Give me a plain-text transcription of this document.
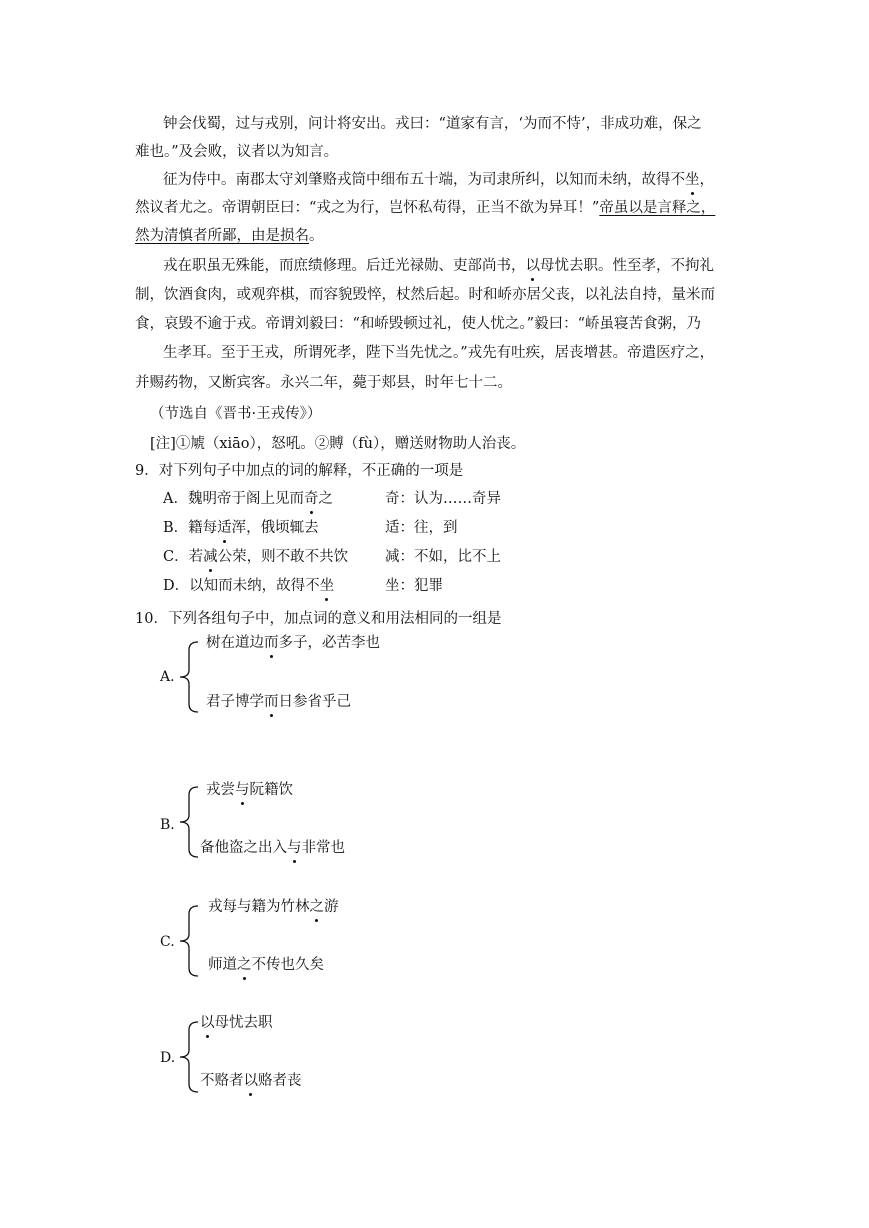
钟会伐蜀，过与戎别，问计将安出。戎曰：“道家有言，‘为而不恃’，非成功难，保之
难也。”及会败，议者以为知言。
征为侍中。南郡太守刘肇赂戎筒中细布五十端，为司隶所纠，以知而未纳，故得不坐，
然议者尤之。帝谓朝臣曰：“戎之为行，岂怀私苟得，正当不欲为异耳！”帝虽以是言释之，
然为清慎者所鄙，由是损名。
戎在职虽无殊能，而庶绩修理。后迁光禄勋、吏部尚书，以母忧去职。性至孝，不拘礼
制，饮酒食肉，或观弈棋，而容貌毁悴，杖然后起。时和峤亦居父丧，以礼法自持，量米而
食，哀毁不逾于戎。帝谓刘毅曰：“和峤毁顿过礼，使人忧之。”毅曰：“峤虽寝苦食粥，乃
生孝耳。至于王戎，所谓死孝，陛下当先忧之。”戎先有吐疾，居丧增甚。帝遣医疗之，
并赐药物，又断宾客。永兴二年，薨于郏县，时年七十二。
（节选自《晋书·王戎传》）
[注]①虓（xiāo），怒吼。②賻（fù），赠送财物助人治丧。
9．对下列句子中加点的词的解释，不正确的一项是
A．魏明帝于阁上见而奇之	奇：认为……奇异
B．籍每适浑，俄顷辄去	适：往，到
C．若减公荣，则不敢不共饮	减：不如，比不上
D．以知而未纳，故得不坐	坐：犯罪
10．下列各组句子中，加点词的意义和用法相同的一组是
A.
树在道边而多子，必苦李也
君子博学而日参省乎己
B.
戎尝与阮籍饮
备他盗之出入与非常也
C.
戎每与籍为竹林之游
师道之不传也久矣
D.
以母忧去职
不赂者以赂者丧
